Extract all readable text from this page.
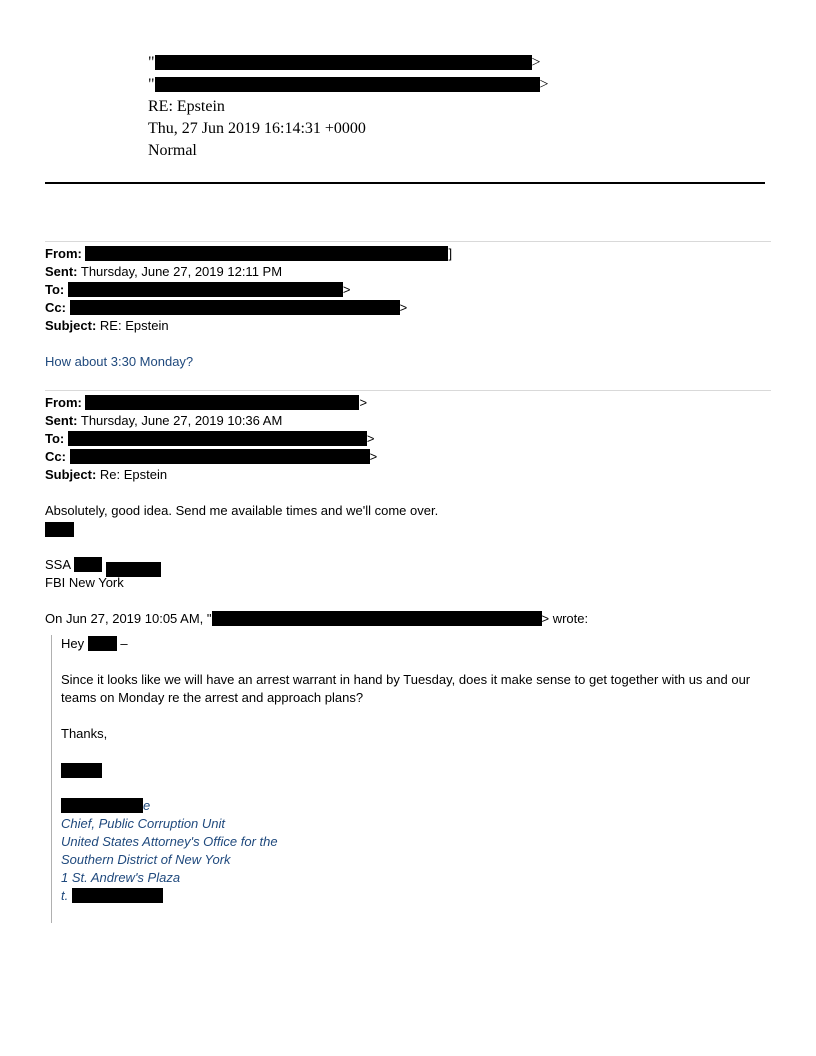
"	>
"	>
RE: Epstein
Thu, 27 Jun 2019 16:14:31 +0000
Normal
From:	]
Sent: Thursday, June 27, 2019 12:11 PM
To:	>
Cc:	>
Subject: RE: Epstein
How about 3:30 Monday?
From:	>
Sent: Thursday, June 27, 2019 10:36 AM
To:	>
Cc:	>
Subject: Re: Epstein
Absolutely, good idea. Send me available times and we'll come over.
SSA
FBI New York
On Jun 27, 2019 10:05 AM, "	> wrote:
Hey	–
Since it looks like we will have an arrest warrant in hand by Tuesday, does it make sense to get together with us and our
teams on Monday re the arrest and approach plans?
Thanks,
e
Chief, Public Corruption Unit
United States Attorney's Office for the
Southern District of New York
1 St. Andrew's Plaza
t.
